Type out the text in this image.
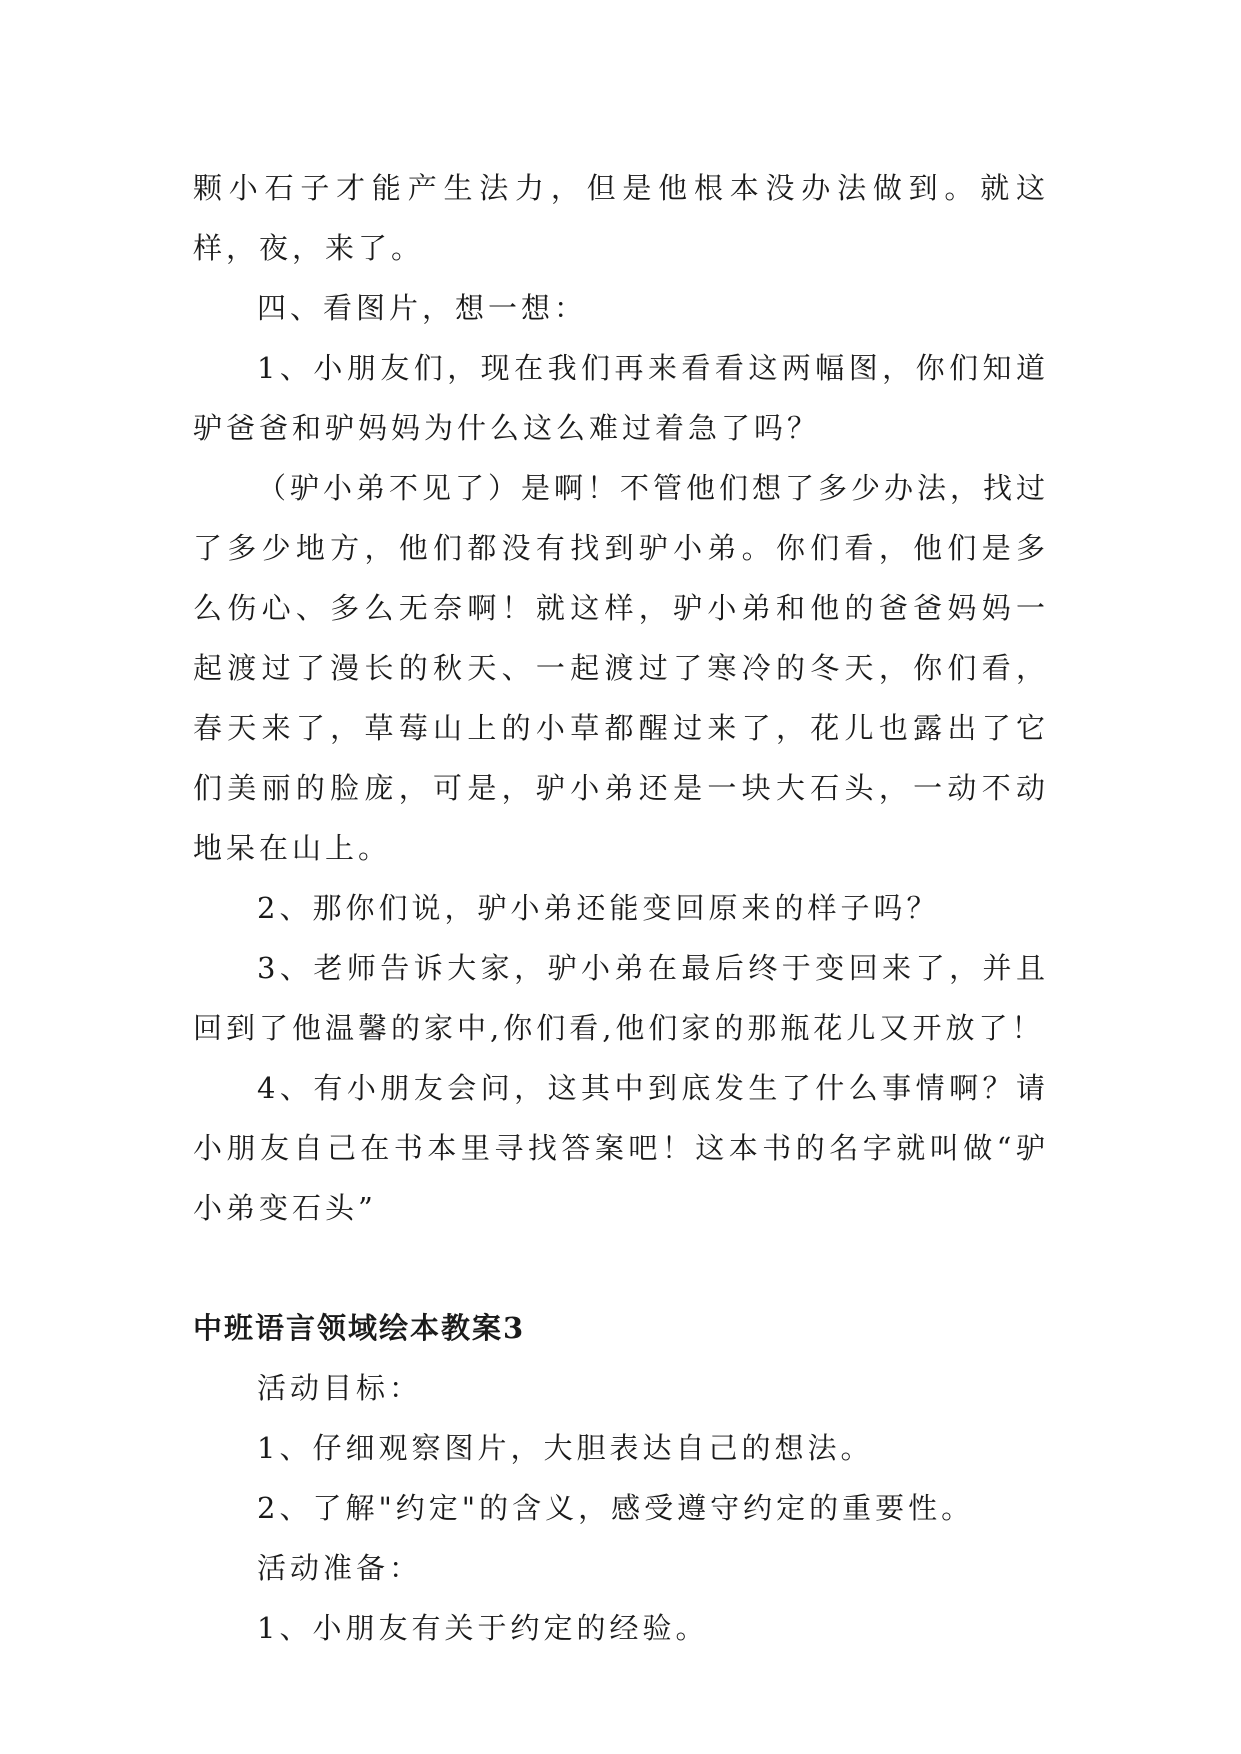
颗小石子才能产生法力，但是他根本没办法做到。就这样，夜，来了。

四、看图片，想一想：

1、小朋友们，现在我们再来看看这两幅图，你们知道驴爸爸和驴妈妈为什么这么难过着急了吗？

（驴小弟不见了）是啊！不管他们想了多少办法，找过了多少地方，他们都没有找到驴小弟。你们看，他们是多么伤心、多么无奈啊！就这样，驴小弟和他的爸爸妈妈一起渡过了漫长的秋天、一起渡过了寒冷的冬天，你们看，春天来了，草莓山上的小草都醒过来了，花儿也露出了它们美丽的脸庞，可是，驴小弟还是一块大石头，一动不动地呆在山上。

2、那你们说，驴小弟还能变回原来的样子吗？

3、老师告诉大家，驴小弟在最后终于变回来了，并且回到了他温馨的家中,你们看,他们家的那瓶花儿又开放了！

4、有小朋友会问，这其中到底发生了什么事情啊？请小朋友自己在书本里寻找答案吧！这本书的名字就叫做“驴小弟变石头”

中班语言领域绘本教案3

活动目标：

1、仔细观察图片，大胆表达自己的想法。

2、了解"约定"的含义，感受遵守约定的重要性。

活动准备：

1、小朋友有关于约定的经验。
